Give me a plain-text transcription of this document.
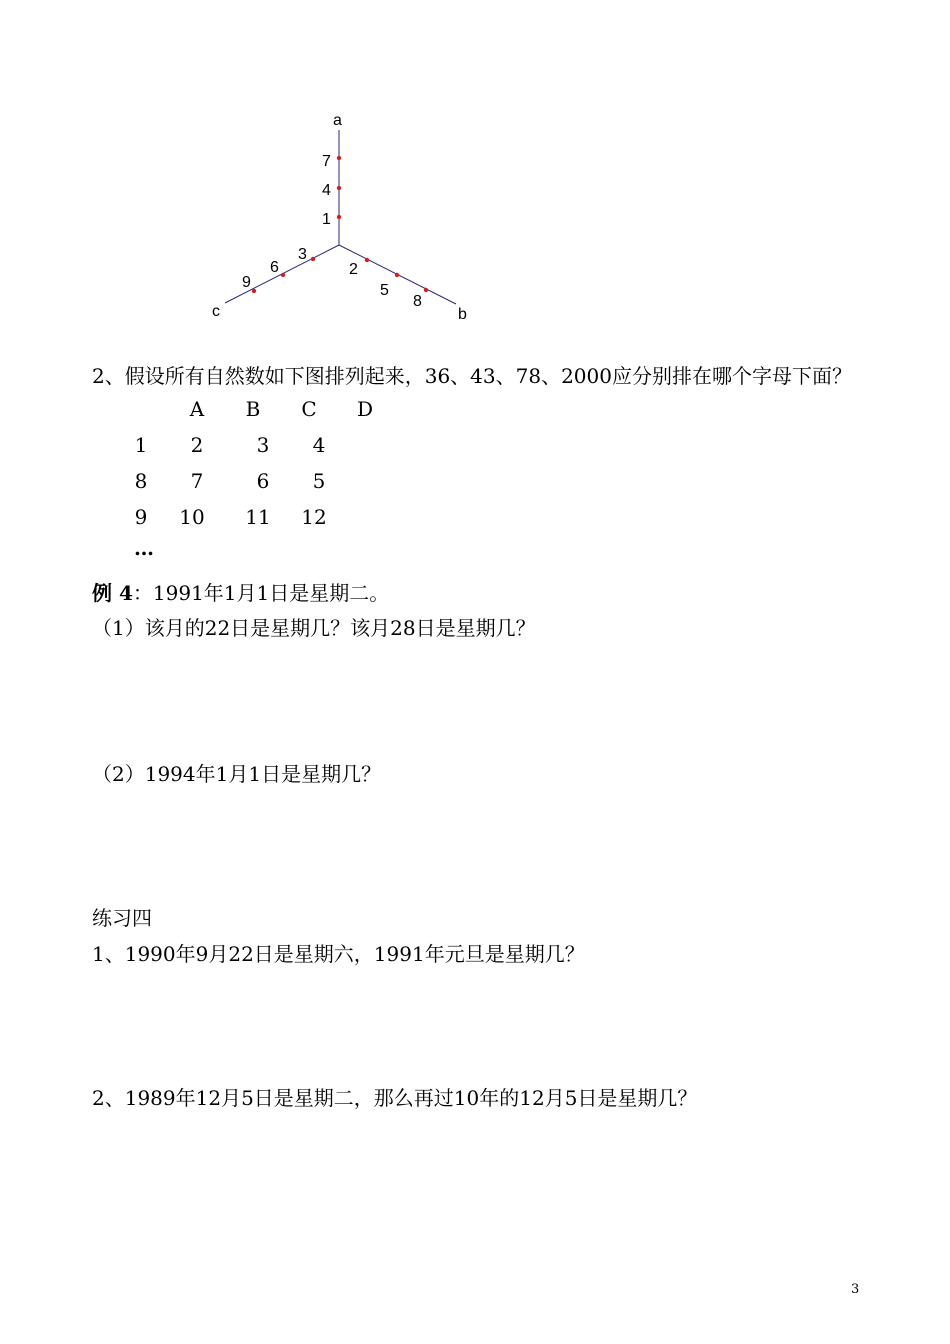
a
b
c
7
4
1
2
5
8
3
6
9
2、假设所有自然数如下图排列起来，36、43、78、2000应分别排在哪个字母下面？
A	B	C	D
1	2	3	4
8	7	6	5
9	10	11	12
…
例 4：1991年1月1日是星期二。
（1）该月的22日是星期几？该月28日是星期几？
（2）1994年1月1日是星期几？
练习四
1、1990年9月22日是星期六，1991年元旦是星期几？
2、1989年12月5日是星期二，那么再过10年的12月5日是星期几？
3
